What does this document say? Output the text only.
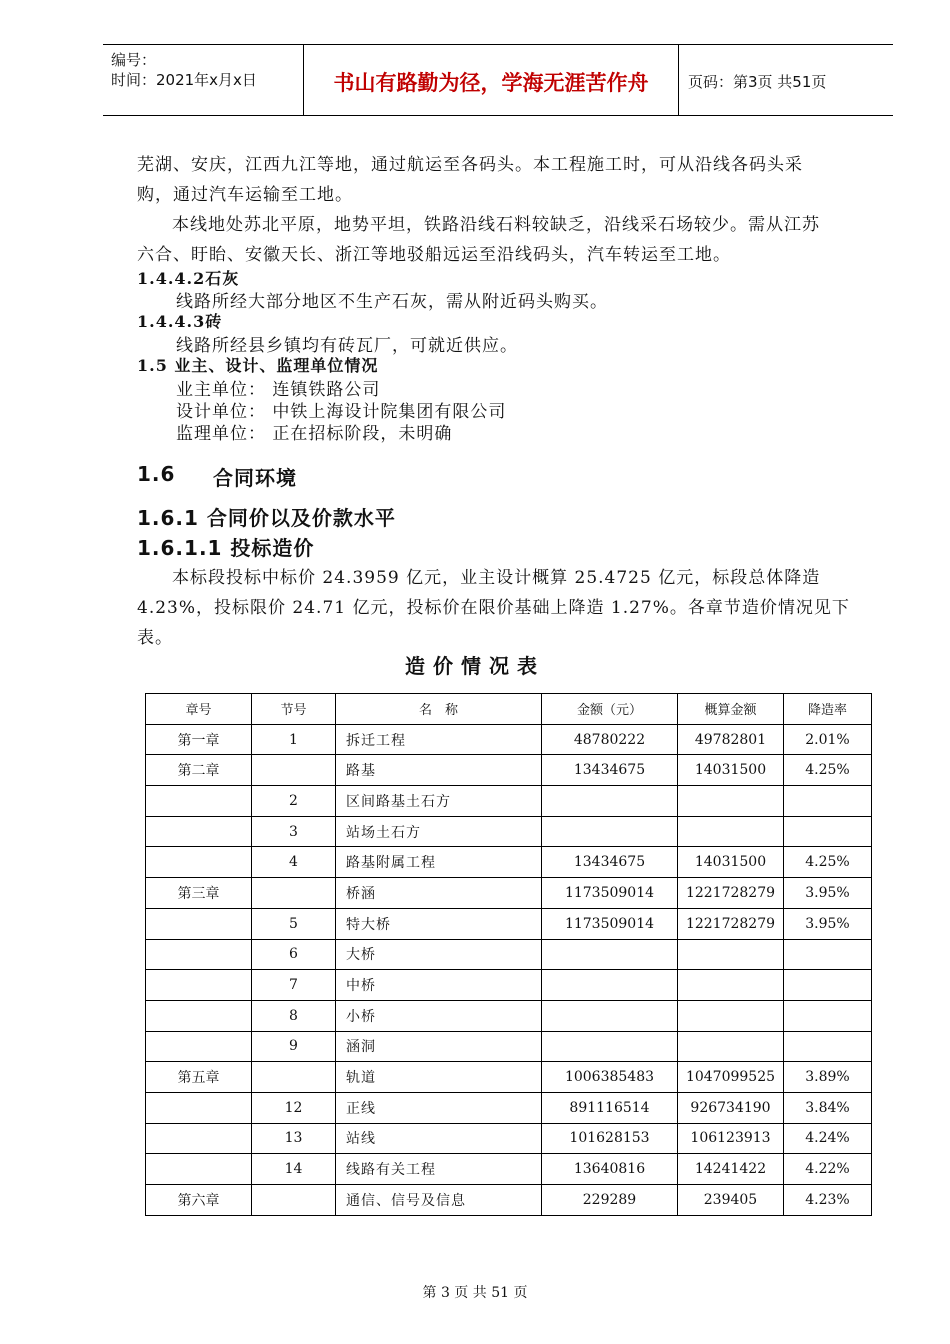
编号：
时间：2021年x月x日	书山有路勤为径，学海无涯苦作舟	页码：第3页 共51页
芜湖、安庆，江西九江等地，通过航运至各码头。本工程施工时，可从沿线各码头采
购，通过汽车运输至工地。
本线地处苏北平原，地势平坦，铁路沿线石料较缺乏，沿线采石场较少。需从江苏
六合、盱眙、安徽天长、浙江等地驳船远运至沿线码头，汽车转运至工地。
1.4.4.2石灰
线路所经大部分地区不生产石灰，需从附近码头购买。
1.4.4.3砖
线路所经县乡镇均有砖瓦厂，可就近供应。
1.5 业主、设计、监理单位情况
业主单位： 连镇铁路公司
设计单位： 中铁上海设计院集团有限公司
监理单位： 正在招标阶段，未明确
1.6 合同环境
1.6.1 合同价以及价款水平
1.6.1.1 投标造价
本标段投标中标价 24.3959 亿元，业主设计概算 25.4725 亿元，标段总体降造
4.23%，投标限价 24.71 亿元，投标价在限价基础上降造 1.27%。各章节造价情况见下
表。
造价情况表
章号	节号	名　称	金额（元）	概算金额	降造率
第一章	1	拆迁工程	48780222	49782801	2.01%
第二章		路基	13434675	14031500	4.25%
	2	区间路基土石方			
	3	站场土石方			
	4	路基附属工程	13434675	14031500	4.25%
第三章		桥涵	1173509014	1221728279	3.95%
	5	特大桥	1173509014	1221728279	3.95%
	6	大桥			
	7	中桥			
	8	小桥			
	9	涵洞			
第五章		轨道	1006385483	1047099525	3.89%
	12	正线	891116514	926734190	3.84%
	13	站线	101628153	106123913	4.24%
	14	线路有关工程	13640816	14241422	4.22%
第六章		通信、信号及信息	229289	239405	4.23%
第 3 页 共 51 页
